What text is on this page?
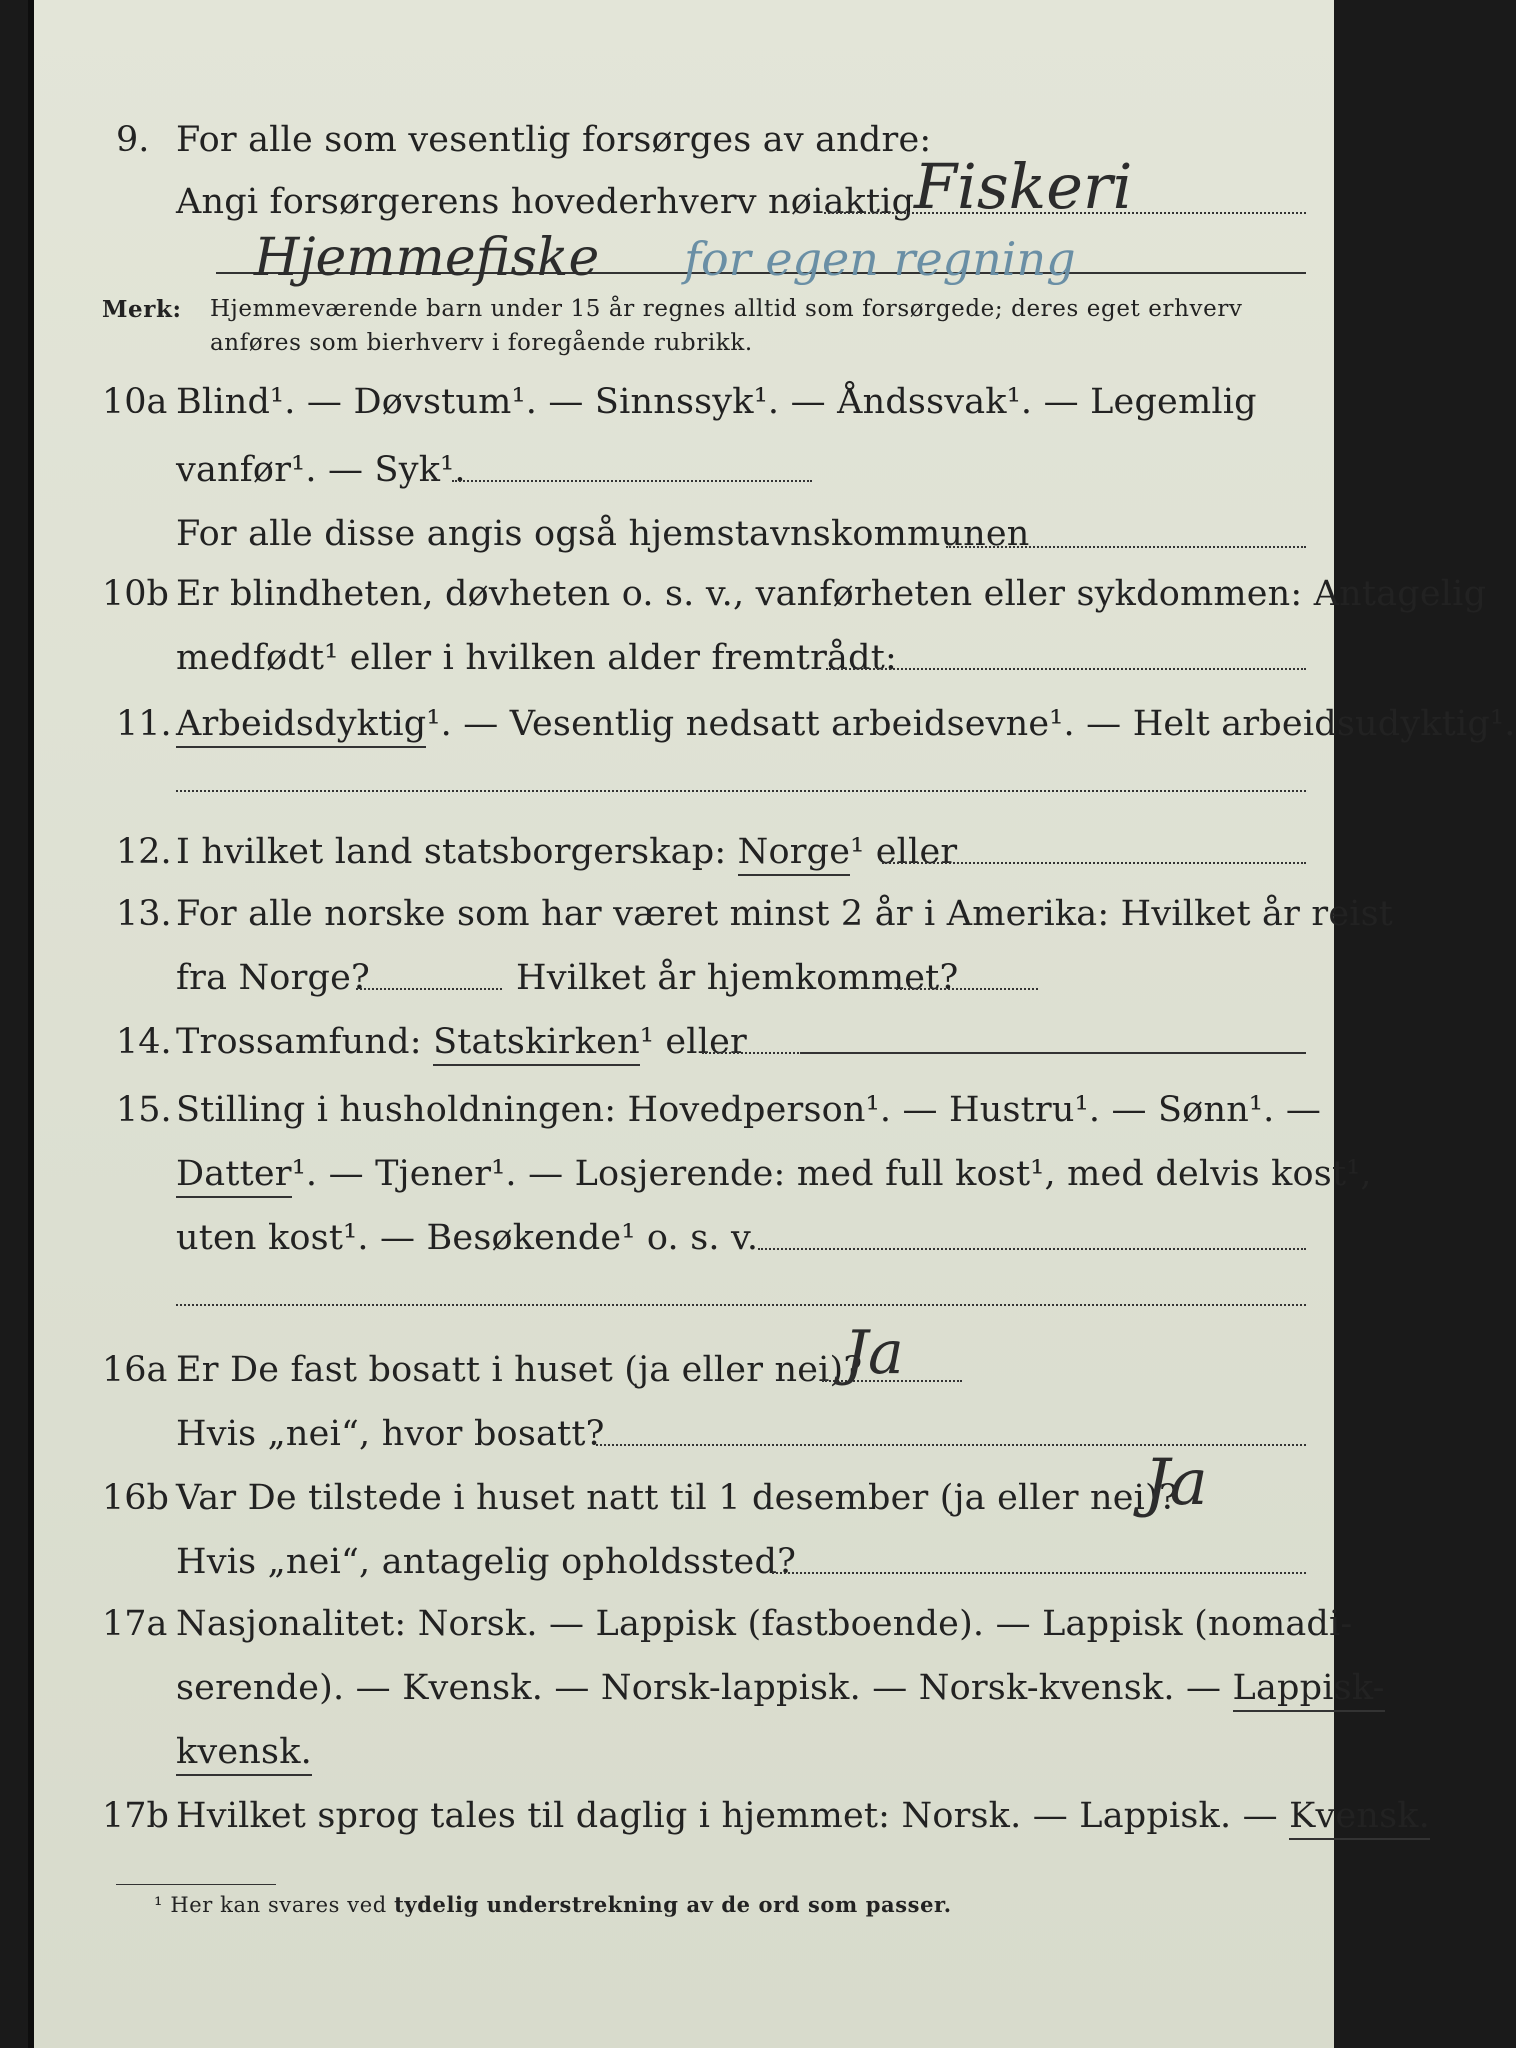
9. For alle som vesentlig forsørges av andre:
Angi forsørgerens hovederhverv nøiaktig Fiskeri
Hjemmefiske for egen regning
Merk: Hjemmeværende barn under 15 år regnes alltid som forsørgede; deres eget erhverv
anføres som bierhverv i foregående rubrikk.
10a Blind¹. — Døvstum¹. — Sinnssyk¹. — Åndssvak¹. — Legemlig
vanfør¹. — Syk¹.
For alle disse angis også hjemstavnskommunen
10b Er blindheten, døvheten o. s. v., vanførheten eller sykdommen: Antagelig
medfødt¹ eller i hvilken alder fremtrådt:
11. Arbeidsdyktig¹. — Vesentlig nedsatt arbeidsevne¹. — Helt arbeidsudyktig¹.
12. I hvilket land statsborgerskap: Norge¹ eller
13. For alle norske som har været minst 2 år i Amerika: Hvilket år reist
fra Norge?	Hvilket år hjemkommet?
14. Trossamfund: Statskirken¹ eller
15. Stilling i husholdningen: Hovedperson¹. — Hustru¹. — Sønn¹. —
Datter¹. — Tjener¹. — Losjerende: med full kost¹, med delvis kost¹,
uten kost¹. — Besøkende¹ o. s. v.
16a Er De fast bosatt i huset (ja eller nei)?
Ja
Hvis „nei“, hvor bosatt?
16b Var De tilstede i huset natt til 1 desember (ja eller nei)?
Ja
Hvis „nei“, antagelig opholdssted?
17a Nasjonalitet: Norsk. — Lappisk (fastboende). — Lappisk (nomadi-
serende). — Kvensk. — Norsk-lappisk. — Norsk-kvensk. — Lappisk-
kvensk.
17b Hvilket sprog tales til daglig i hjemmet: Norsk. — Lappisk. — Kvensk.
¹ Her kan svares ved tydelig understrekning av de ord som passer.
